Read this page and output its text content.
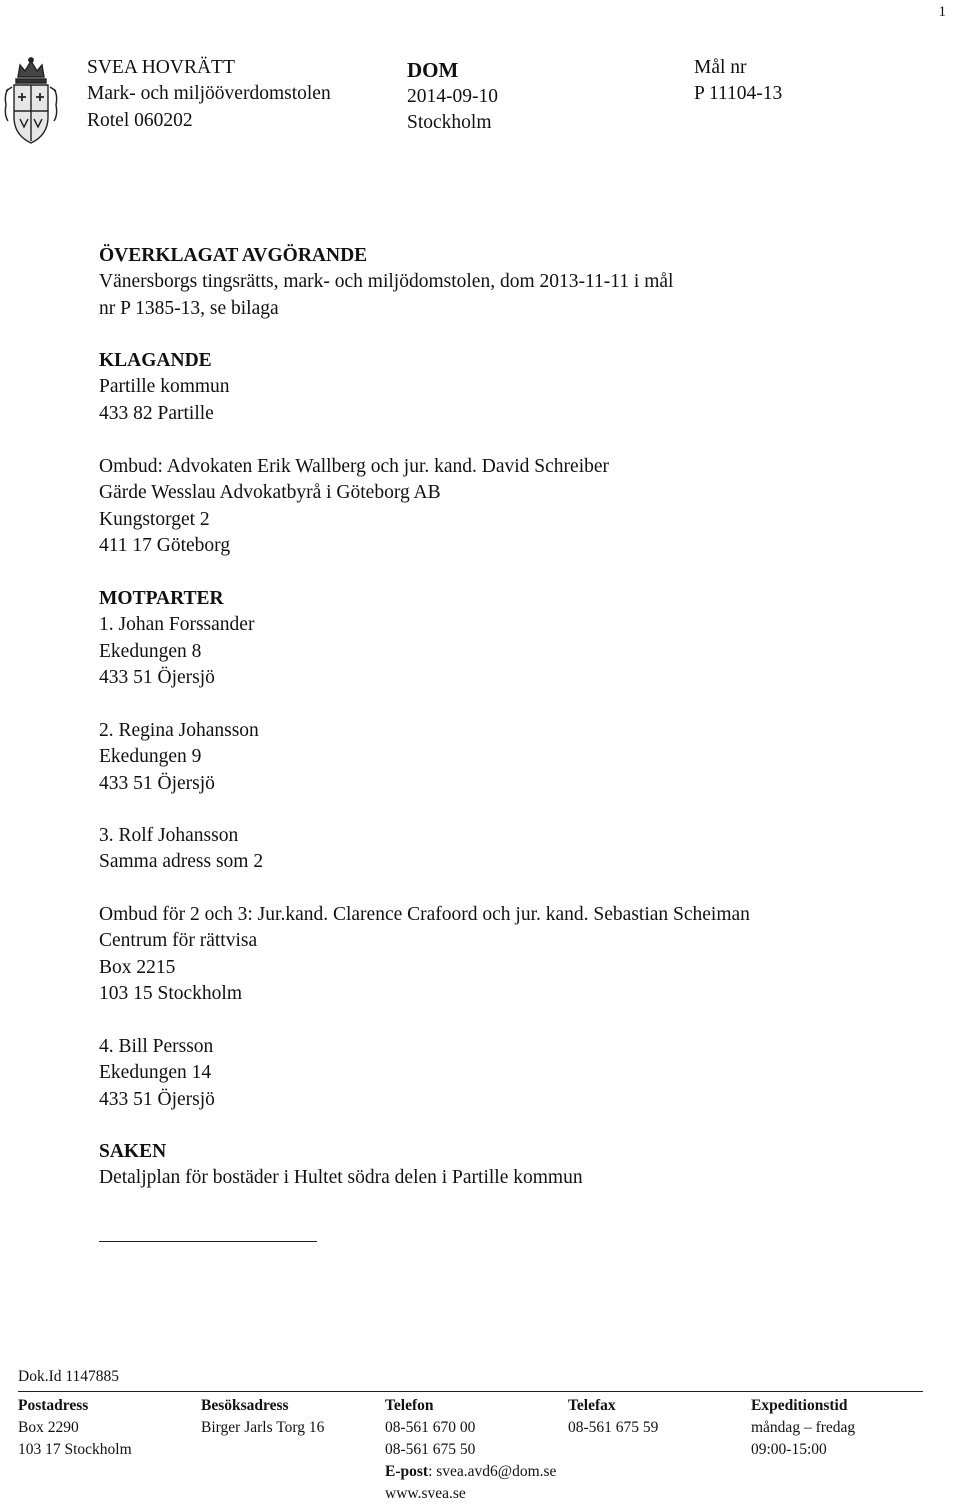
1
SVEA HOVRÄTT
Mark- och miljööverdomstolen
Rotel 060202
DOM
2014-09-10
Stockholm
Mål nr
P 11104-13
ÖVERKLAGAT AVGÖRANDE
Vänersborgs tingsrätts, mark- och miljödomstolen, dom 2013-11-11 i mål
nr P 1385-13, se bilaga
KLAGANDE
Partille kommun
433 82 Partille
Ombud: Advokaten Erik Wallberg och jur. kand. David Schreiber
Gärde Wesslau Advokatbyrå i Göteborg AB
Kungstorget 2
411 17 Göteborg
MOTPARTER
1. Johan Forssander
Ekedungen 8
433 51 Öjersjö
2. Regina Johansson
Ekedungen 9
433 51 Öjersjö
3. Rolf Johansson
Samma adress som 2
Ombud för 2 och 3: Jur.kand. Clarence Crafoord och jur. kand. Sebastian Scheiman
Centrum för rättvisa
Box 2215
103 15 Stockholm
4. Bill Persson
Ekedungen 14
433 51 Öjersjö
SAKEN
Detaljplan för bostäder i Hultet södra delen i Partille kommun
Dok.Id 1147885
Postadress
Box 2290
103 17 Stockholm
Besöksadress
Birger Jarls Torg 16
Telefon
08-561 670 00
08-561 675 50
E-post: svea.avd6@dom.se
www.svea.se
Telefax
08-561 675 59
Expeditionstid
måndag – fredag
09:00-15:00
